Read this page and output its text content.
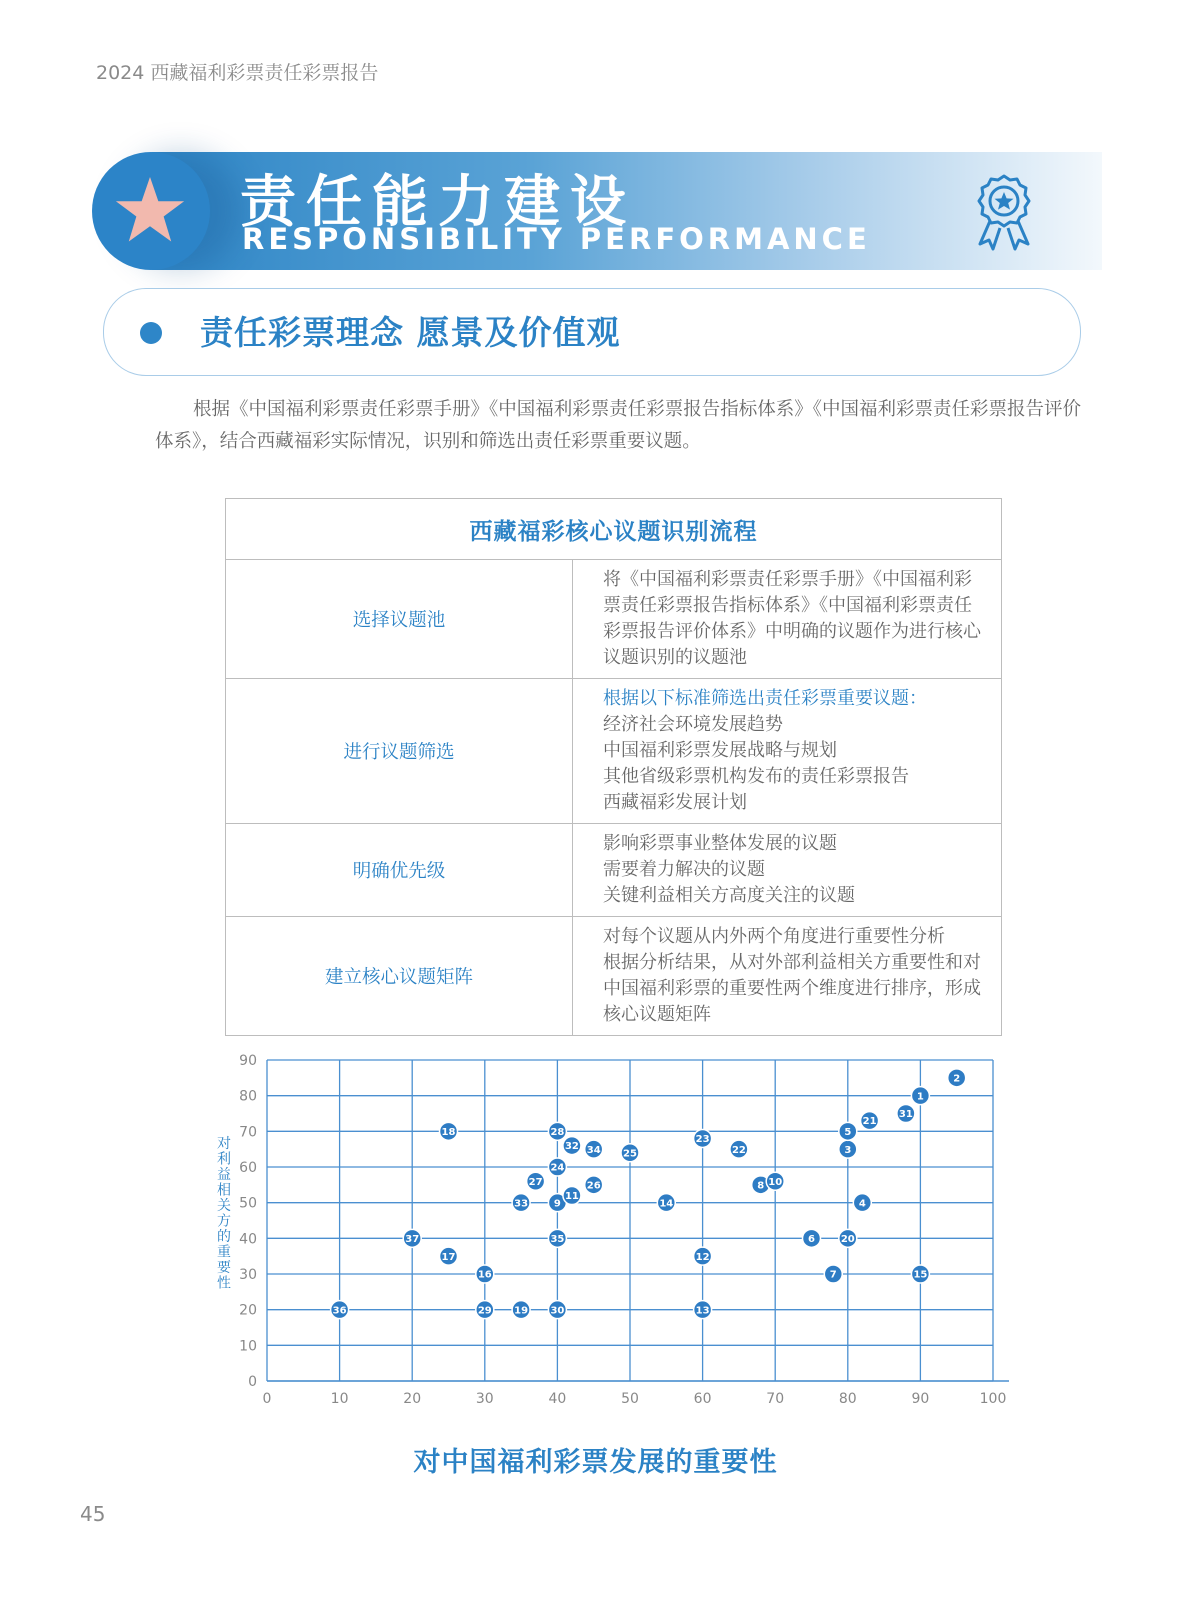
2024 西藏福利彩票责任彩票报告
责任能力建设
RESPONSIBILITY PERFORMANCE
责任彩票理念 愿景及价值观
根据《中国福利彩票责任彩票手册》《中国福利彩票责任彩票报告指标体系》《中国福利彩票责任彩票报告评价体系》，结合西藏福彩实际情况，识别和筛选出责任彩票重要议题。
西藏福彩核心议题识别流程	
选择议题池	将《中国福利彩票责任彩票手册》《中国福利彩
票责任彩票报告指标体系》《中国福利彩票责任
彩票报告评价体系》中明确的议题作为进行核心
议题识别的议题池

进行议题筛选	根据以下标准筛选出责任彩票重要议题：
经济社会环境发展趋势
中国福利彩票发展战略与规划
其他省级彩票机构发布的责任彩票报告
西藏福彩发展计划

明确优先级	影响彩票事业整体发展的议题
需要着力解决的议题
关键利益相关方高度关注的议题

建立核心议题矩阵	对每个议题从内外两个角度进行重要性分析
根据分析结果，从对外部利益相关方重要性和对
中国福利彩票的重要性两个维度进行排序，形成
核心议题矩阵
0	10	20	30	40	50	60	70	80	90	100
0
10
20
30
40
50
60
70
80
90
对
利
益
相
关
方
的
重
要
性
1
2
3
4
5
6
7
8
9
10
11
12
13
14
15
16
17
18
19
20
21
22
23
24
25
26
27
28
29	30
31
32
33
34
35
36
37
对中国福利彩票发展的重要性
45
